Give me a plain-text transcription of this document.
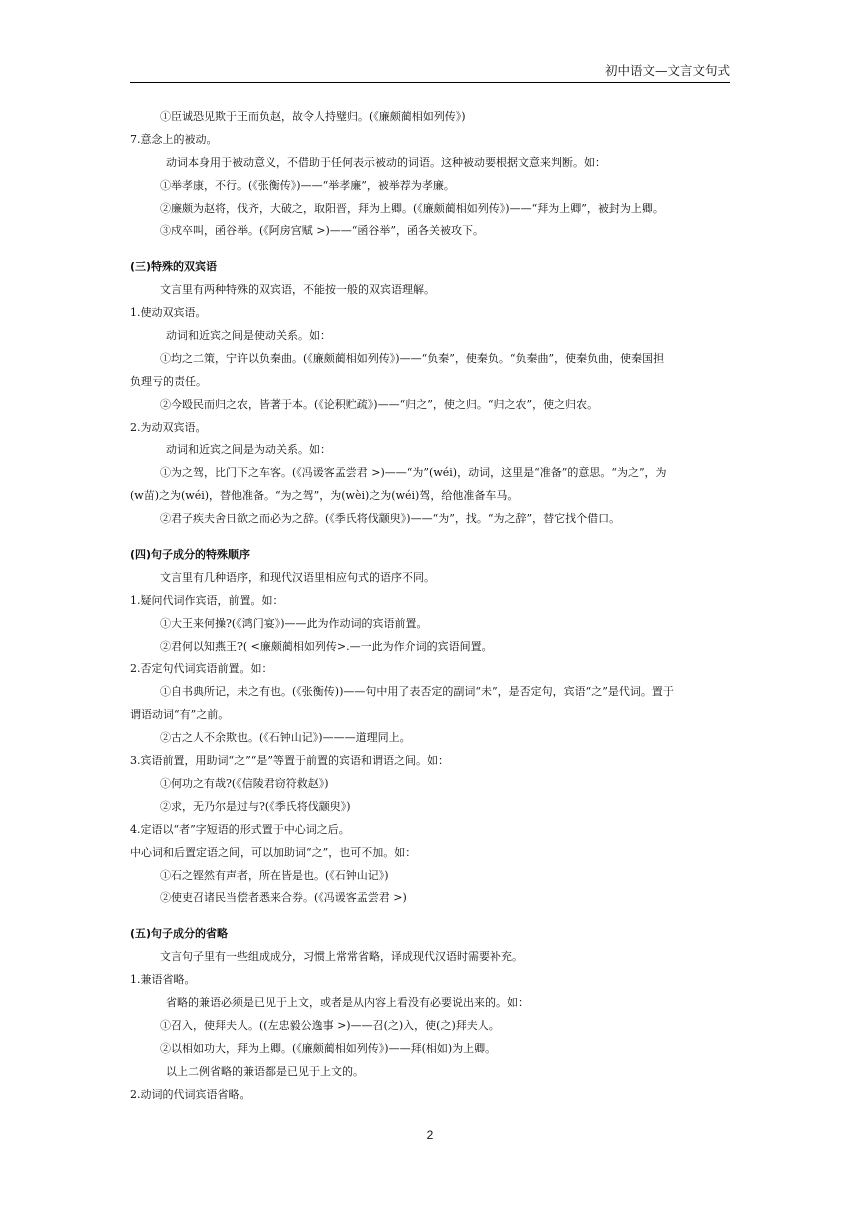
初中语文—文言文句式
①臣诚恐见欺于王而负赵，故令人持璧归。(《廉颇蔺相如列传》)
7.意念上的被动。
动词本身用于被动意义，不借助于任何表示被动的词语。这种被动要根据文意来判断。如：
①举孝康，不行。(《张衡传》)——“举孝廉”，被举荐为孝廉。
②廉颇为赵将，伐齐，大破之，取阳晋，拜为上卿。(《廉颇蔺相如列传》)——“拜为上卿”，被封为上卿。
③戍卒叫，函谷举。(《阿房宫赋 >)——“函谷举”，函各关被攻下。
(三)特殊的双宾语
文言里有两种特殊的双宾语，不能按一般的双宾语理解。
1.使动双宾语。
动词和近宾之间是使动关系。如：
①均之二策，宁许以负秦曲。(《廉颇蔺相如列传》)——“负秦”，使秦负。“负秦曲”，使秦负曲，使秦国担
负理亏的责任。
②今殴民而归之农，皆著于本。(《论积贮疏》)——“归之”，使之归。“归之农”，使之归农。
2.为动双宾语。
动词和近宾之间是为动关系。如：
①为之驾，比门下之车客。(《冯谖客孟尝君 >)——“为”(wéi)，动词，这里是“准备”的意思。“为之”，为
(w苗)之为(wéi)，替他准备。“为之驾”，为(wèi)之为(wéi)驾，给他准备车马。
②君子疾夫舍日欲之而必为之辞。(《季氏将伐颛臾》)——“为”，找。“为之辞”，替它找个借口。
(四)句子成分的特殊顺序
文言里有几种语序，和现代汉语里相应句式的语序不同。
1.疑问代词作宾语，前置。如：
①大王来何操?(《鸿门宴》)——此为作动词的宾语前置。
②君何以知燕王?( <廉颇蔺相如列传>.—一此为作介词的宾语间置。
2.否定句代词宾语前置。如：
①自书典所记，未之有也。(《张衡传))——句中用了表否定的副词“未”，是否定句，宾语“之”是代词。置于
谓语动词“有”之前。
②古之人不余欺也。(《石钟山记》)———道理同上。
3.宾语前置，用助词“之”“是”等置于前置的宾语和谓语之间。如：
①何功之有哉?(《信陵君窃符救赵》)
②求，无乃尔是过与?(《季氏将伐颛臾》)
4.定语以“者”字短语的形式置于中心词之后。
中心词和后置定语之间，可以加助词“之”，也可不加。如：
①石之铿然有声者，所在皆是也。(《石钟山记》)
②使吏召诸民当偿者悉来合券。(《冯谖客孟尝君 >)
(五)句子成分的省略
文言句子里有一些组成成分，习惯上常常省略，译成现代汉语时需要补充。
1.兼语省略。
省略的兼语必须是已见于上文，或者是从内容上看没有必要说出来的。如：
①召入，使拜夫人。((左忠毅公逸事 >)——召(之)入，使(之)拜夫人。
②以相如功大，拜为上卿。(《廉颇蔺相如列传》)——拜(相如)为上卿。
以上二例省略的兼语都是已见于上文的。
2.动词的代词宾语省略。
2
